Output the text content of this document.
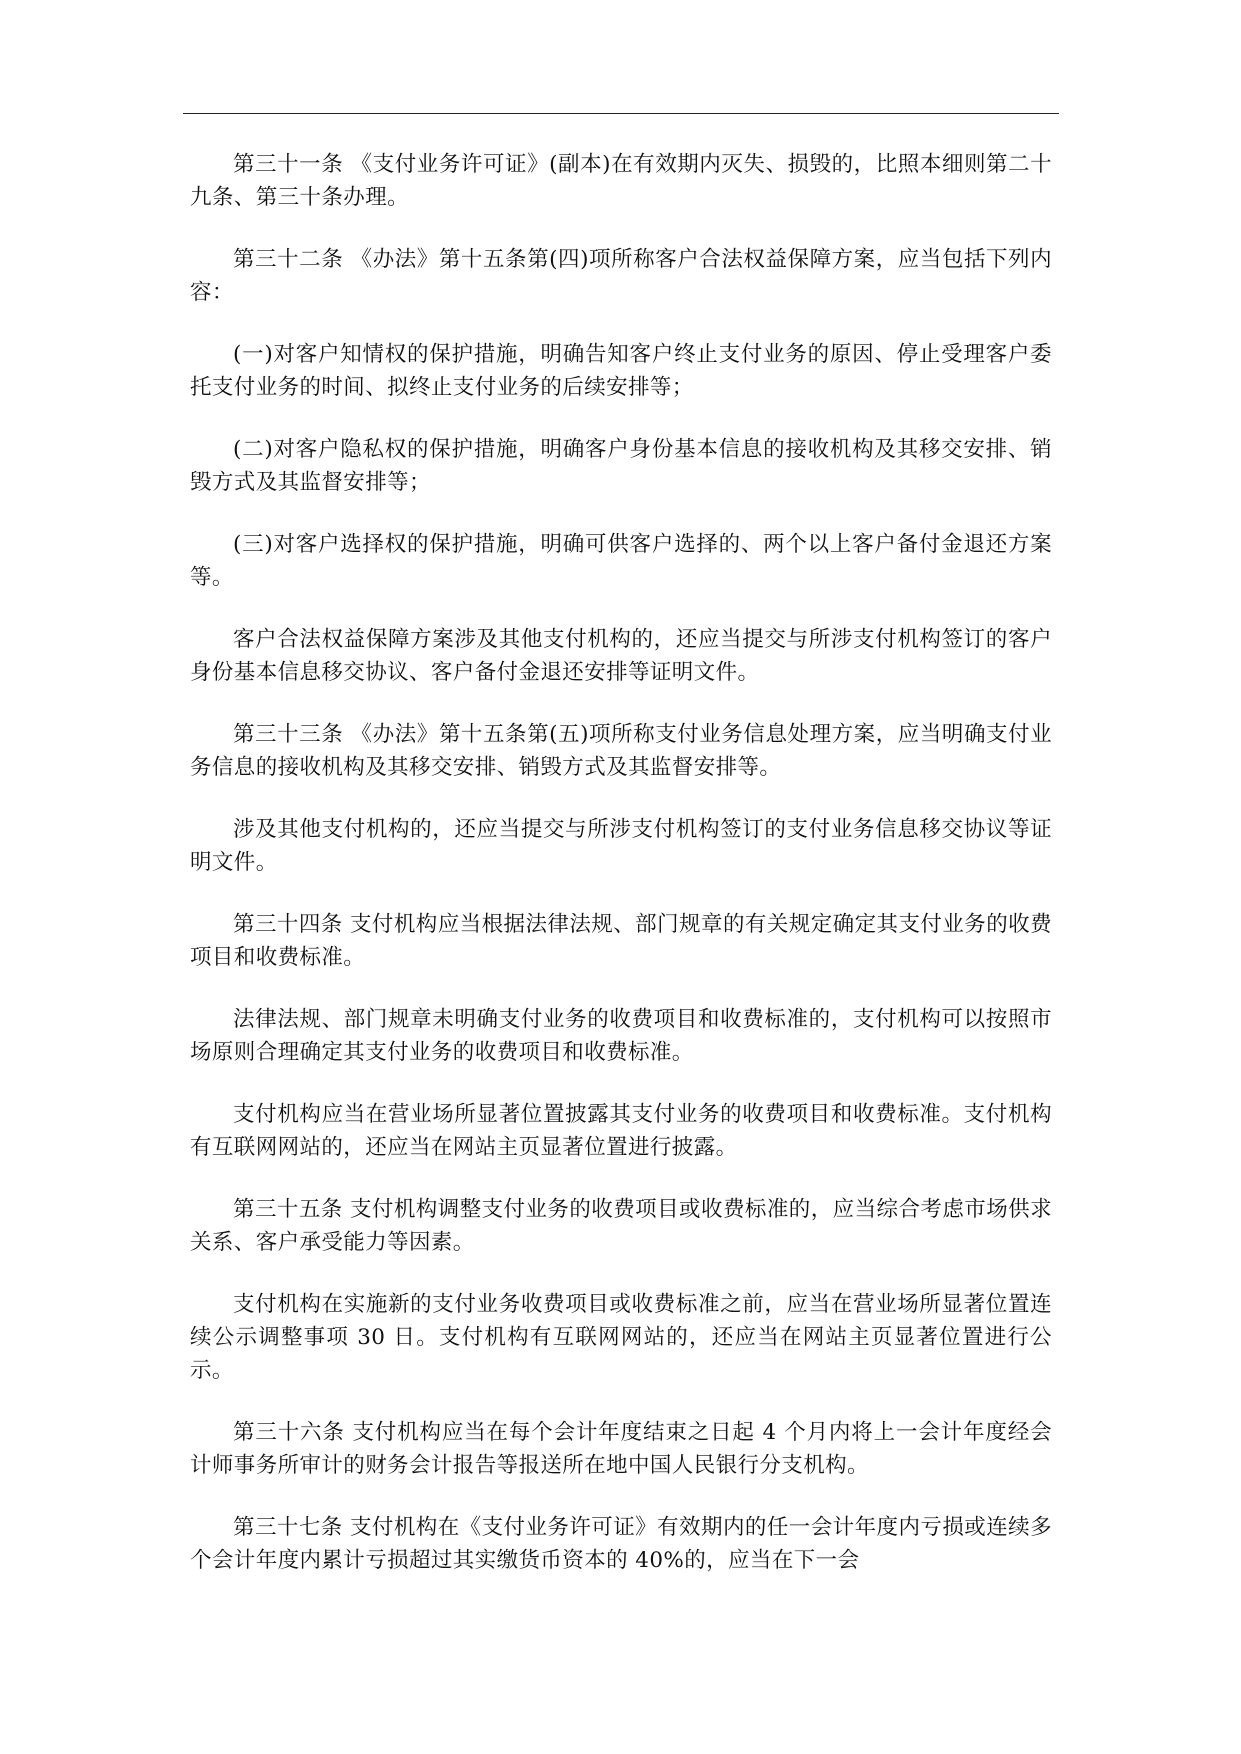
第三十一条 《支付业务许可证》(副本)在有效期内灭失、损毁的，比照本细则第二十九条、第三十条办理。

第三十二条 《办法》第十五条第(四)项所称客户合法权益保障方案，应当包括下列内容：

(一)对客户知情权的保护措施，明确告知客户终止支付业务的原因、停止受理客户委托支付业务的时间、拟终止支付业务的后续安排等；

(二)对客户隐私权的保护措施，明确客户身份基本信息的接收机构及其移交安排、销毁方式及其监督安排等；

(三)对客户选择权的保护措施，明确可供客户选择的、两个以上客户备付金退还方案等。

客户合法权益保障方案涉及其他支付机构的，还应当提交与所涉支付机构签订的客户身份基本信息移交协议、客户备付金退还安排等证明文件。

第三十三条 《办法》第十五条第(五)项所称支付业务信息处理方案，应当明确支付业务信息的接收机构及其移交安排、销毁方式及其监督安排等。

涉及其他支付机构的，还应当提交与所涉支付机构签订的支付业务信息移交协议等证明文件。

第三十四条 支付机构应当根据法律法规、部门规章的有关规定确定其支付业务的收费项目和收费标准。

法律法规、部门规章未明确支付业务的收费项目和收费标准的，支付机构可以按照市场原则合理确定其支付业务的收费项目和收费标准。

支付机构应当在营业场所显著位置披露其支付业务的收费项目和收费标准。支付机构有互联网网站的，还应当在网站主页显著位置进行披露。

第三十五条 支付机构调整支付业务的收费项目或收费标准的，应当综合考虑市场供求关系、客户承受能力等因素。

支付机构在实施新的支付业务收费项目或收费标准之前，应当在营业场所显著位置连续公示调整事项 30 日。支付机构有互联网网站的，还应当在网站主页显著位置进行公示。

第三十六条 支付机构应当在每个会计年度结束之日起 4 个月内将上一会计年度经会计师事务所审计的财务会计报告等报送所在地中国人民银行分支机构。

第三十七条 支付机构在《支付业务许可证》有效期内的任一会计年度内亏损或连续多个会计年度内累计亏损超过其实缴货币资本的 40%的，应当在下一会
